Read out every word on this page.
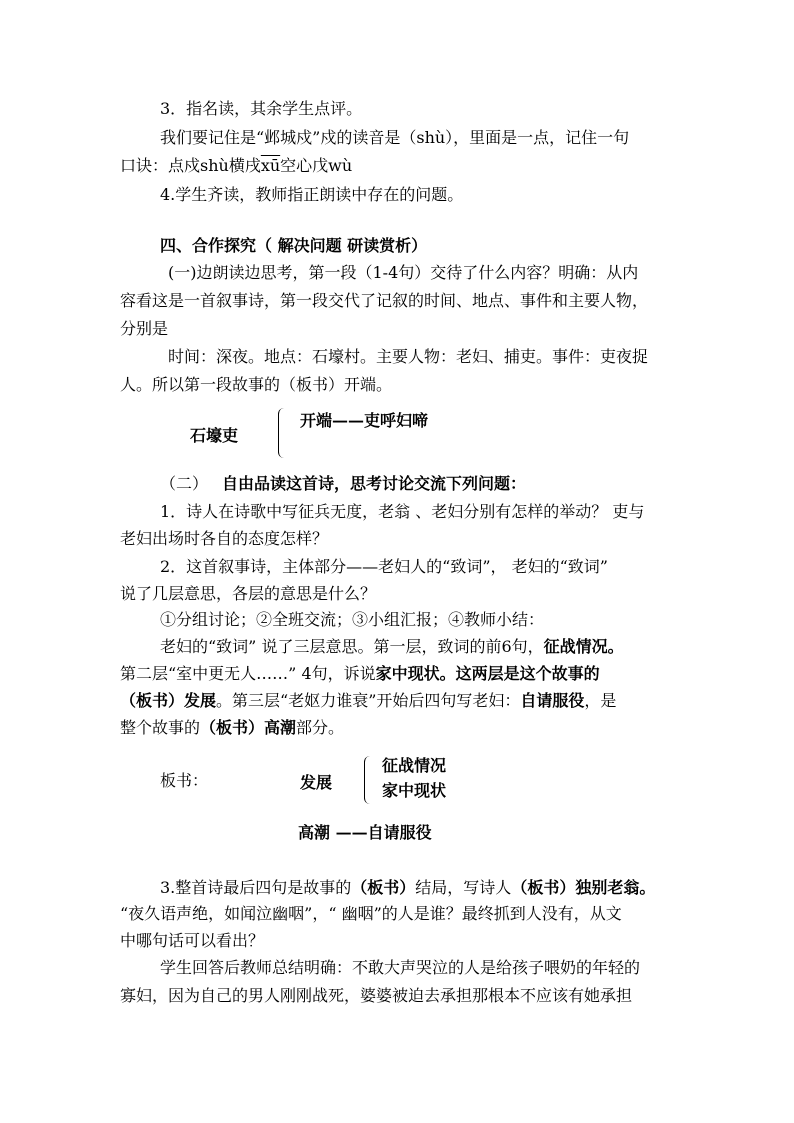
3．指名读，其余学生点评。
我们要记住是“邺城戍”戍的读音是（shù），里面是一点，记住一句
口诀：点戍shù横戌$\overline{xū}$空心戊wù
4.学生齐读，教师指正朗读中存在的问题。
四、合作探究（ 解决问题 研读赏析）
(一)边朗读边思考，第一段（1-4句）交待了什么内容？明确：从内
容看这是一首叙事诗，第一段交代了记叙的时间、地点、事件和主要人物，
分别是
时间：深夜。地点：石壕村。主要人物：老妇、捕吏。事件：吏夜捉
人。所以第一段故事的（板书）开端。
石壕吏
开端——吏呼妇啼
（二） 自由品读这首诗，思考讨论交流下列问题：
1．诗人在诗歌中写征兵无度，老翁 、老妇分别有怎样的举动？ 吏与
老妇出场时各自的态度怎样？
2．这首叙事诗，主体部分——老妇人的“致词”， 老妇的“致词”
说了几层意思，各层的意思是什么？
①分组讨论；②全班交流；③小组汇报；④教师小结：
老妇的“致词” 说了三层意思。第一层，致词的前6句，征战情况。
第二层“室中更无人……” 4句，诉说家中现状。这两层是这个故事的
（板书）发展。第三层“老妪力谁衰”开始后四句写老妇：自请服役，是
整个故事的（板书）高潮部分。
板书：	发展
征战情况
家中现状
高潮 ——自请服役
3.整首诗最后四句是故事的（板书）结局，写诗人（板书）独别老翁。
“夜久语声绝，如闻泣幽咽”，“ 幽咽”的人是谁？最终抓到人没有，从文
中哪句话可以看出？
学生回答后教师总结明确：不敢大声哭泣的人是给孩子喂奶的年轻的
寡妇，因为自己的男人刚刚战死，婆婆被迫去承担那根本不应该有她承担
